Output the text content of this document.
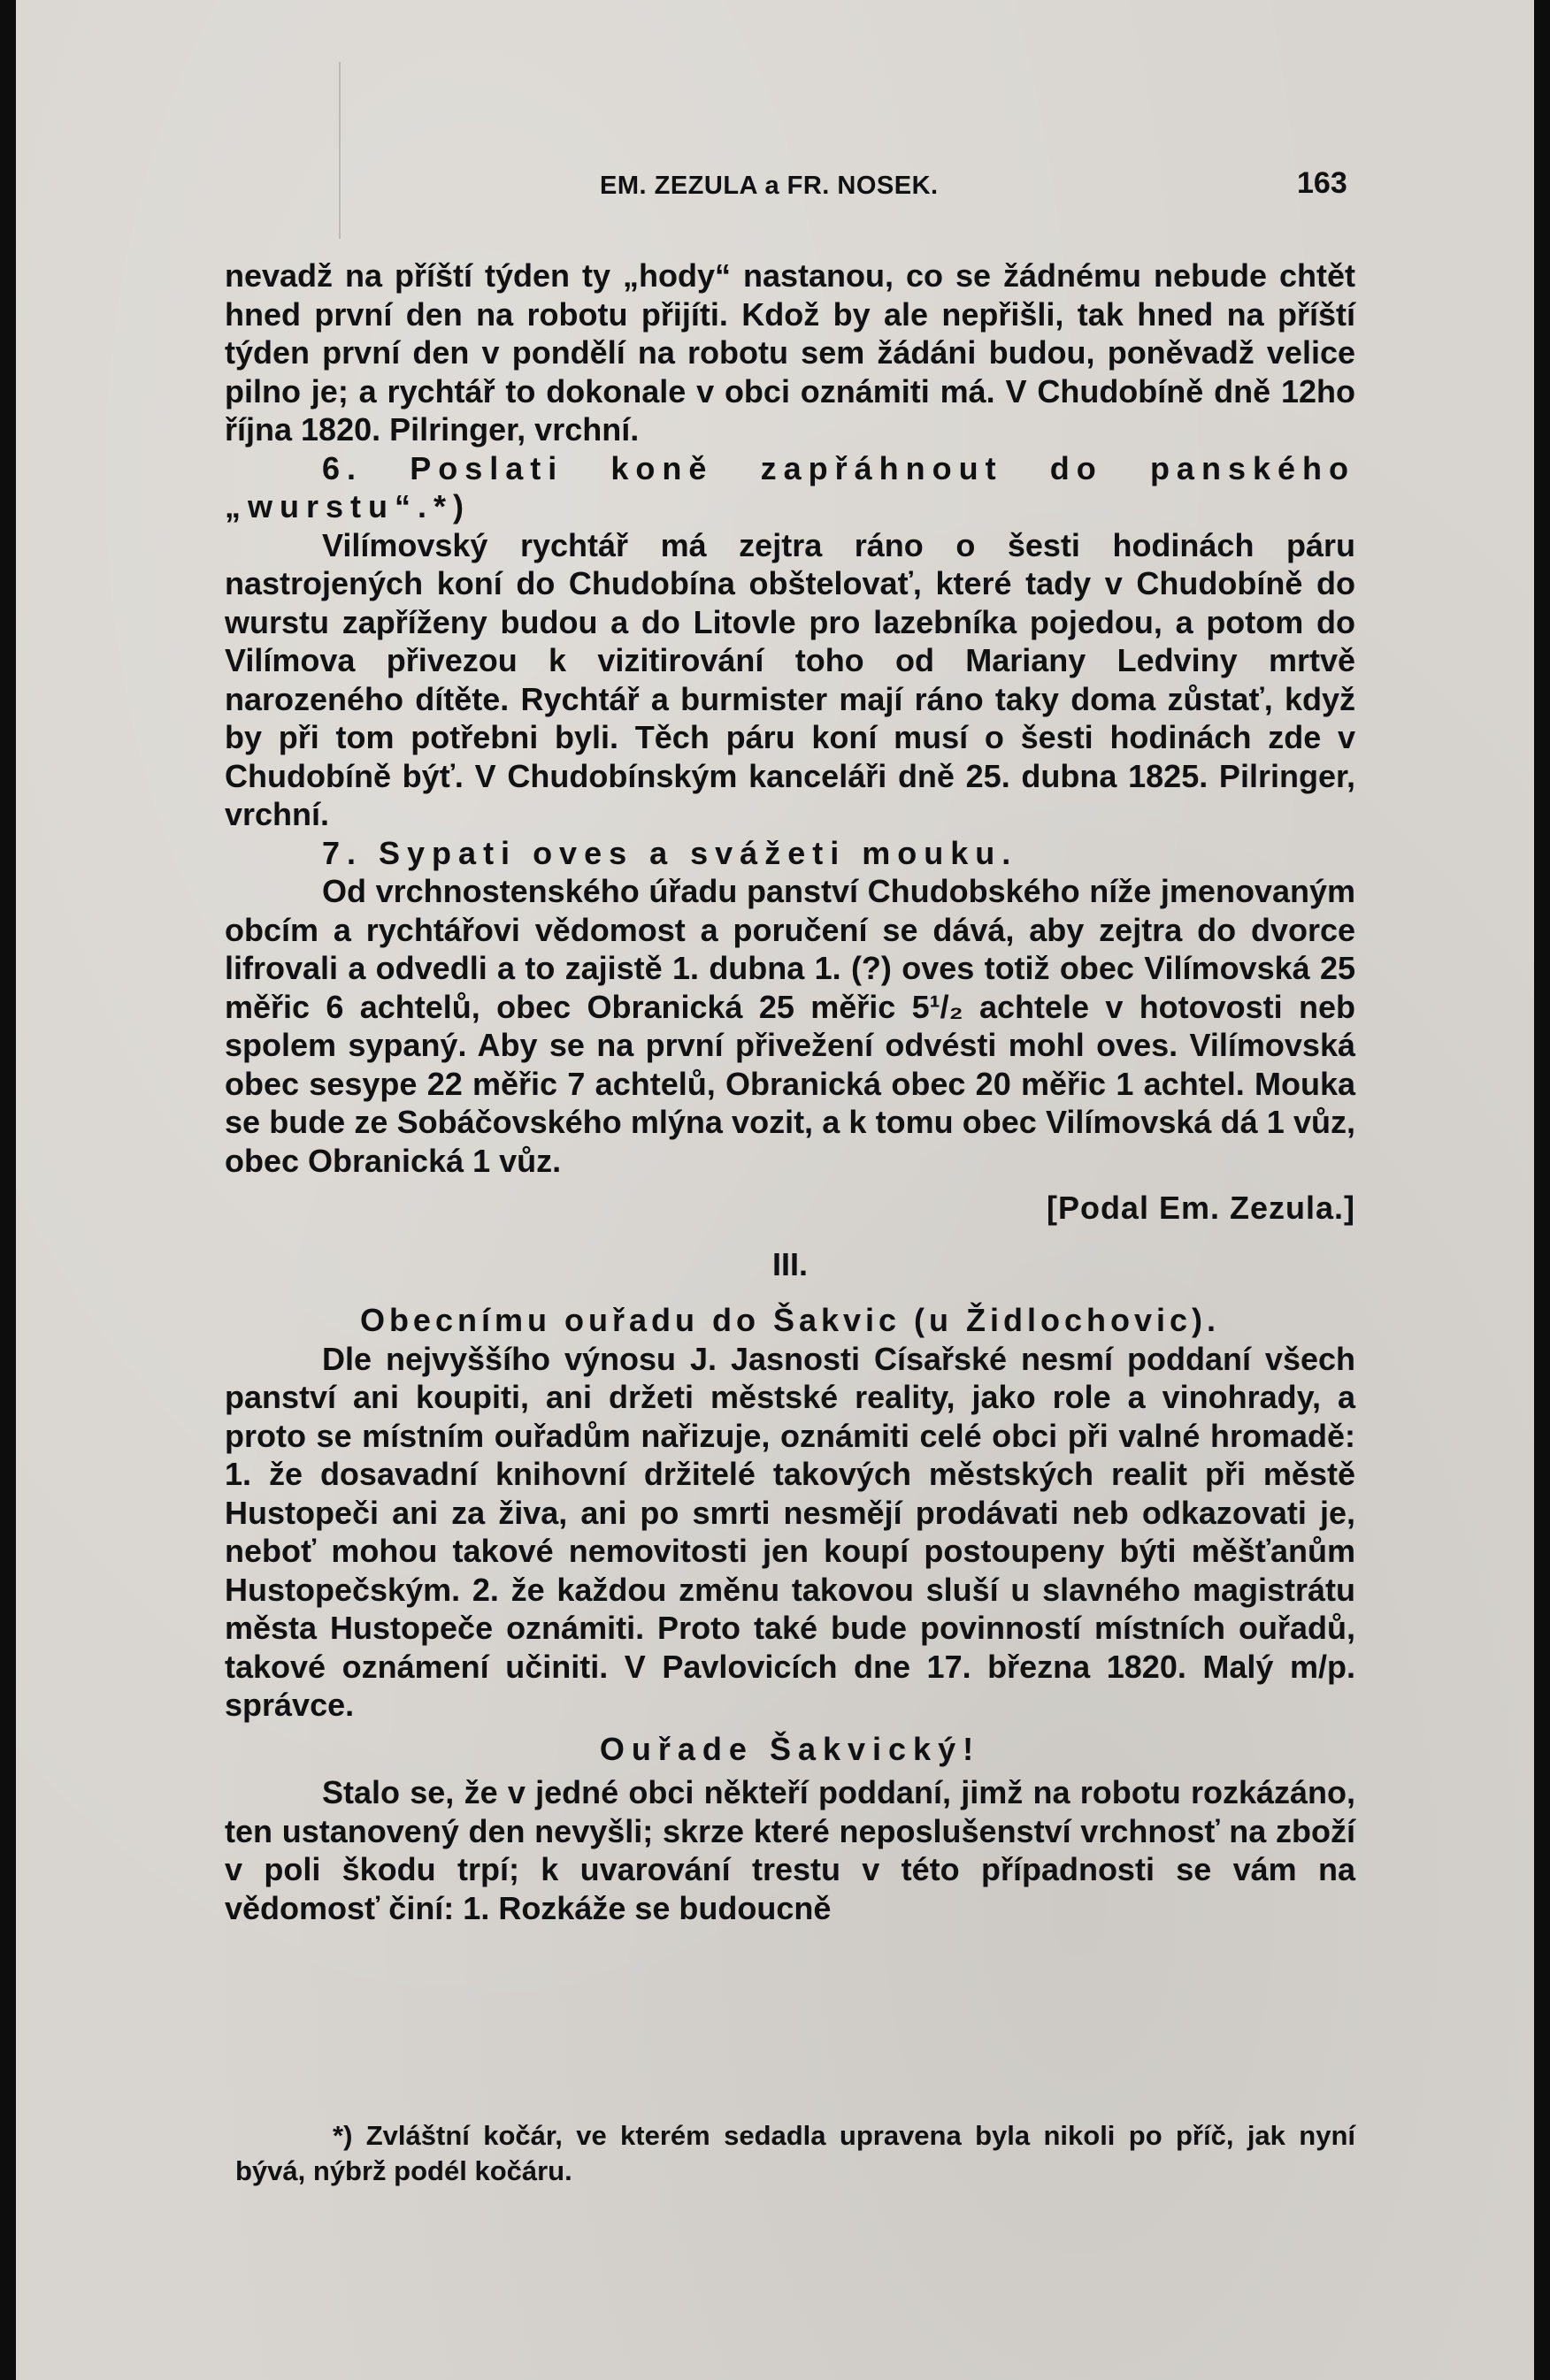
EM. ZEZULA a FR. NOSEK.	163

nevadž na příští týden ty „hody“ nastanou, co se žádnému nebude chtět hned první den na robotu přijíti. Kdož by ale nepřišli, tak hned na příští týden první den v pondělí na robotu sem žádáni budou, poněvadž velice pilno je; a rychtář to dokonale v obci oznámiti má. V Chudobíně dně 12ho října 1820. Pilringer, vrchní.

6. Poslati koně zapřáhnout do panského „wurstu“.*)

Vilímovský rychtář má zejtra ráno o šesti hodinách páru nastrojených koní do Chudobína obštelovať, které tady v Chudobíně do wurstu zapříženy budou a do Litovle pro lazebníka pojedou, a potom do Vilímova přivezou k vizitirování toho od Mariany Ledviny mrtvě narozeného dítěte. Rychtář a burmister mají ráno taky doma zůstať, když by při tom potřebni byli. Těch páru koní musí o šesti hodinách zde v Chudobíně býť. V Chudobínským kanceláři dně 25. dubna 1825. Pilringer, vrchní.

7. Sypati oves a svážeti mouku.

Od vrchnostenského úřadu panství Chudobského níže jmenovaným obcím a rychtářovi vědomost a poručení se dává, aby zejtra do dvorce lifrovali a odvedli a to zajistě 1. dubna 1. (?) oves totiž obec Vilímovská 25 měřic 6 achtelů, obec Obranická 25 měřic 5¹/₂ achtele v hotovosti neb spolem sypaný. Aby se na první přivežení odvésti mohl oves. Vilímovská obec sesype 22 měřic 7 achtelů, Obranická obec 20 měřic 1 achtel. Mouka se bude ze Sobáčovského mlýna vozit, a k tomu obec Vilímovská dá 1 vůz, obec Obranická 1 vůz.

[Podal Em. Zezula.]

III.

Obecnímu ouřadu do Šakvic (u Židlochovic).

Dle nejvyššího výnosu J. Jasnosti Císařské nesmí poddaní všech panství ani koupiti, ani držeti městské reality, jako role a vinohrady, a proto se místním ouřadům nařizuje, oznámiti celé obci při valné hromadě: 1. že dosavadní knihovní držitelé takových městských realit při městě Hustopeči ani za živa, ani po smrti nesmějí prodávati neb odkazovati je, neboť mohou takové nemovitosti jen koupí postoupeny býti měšťanům Hustopečským. 2. že každou změnu takovou sluší u slavného magistrátu města Hustopeče oznámiti. Proto také bude povinností místních ouřadů, takové oznámení učiniti. V Pavlovicích dne 17. března 1820. Malý m/p. správce.

Ouřade Šakvický!

Stalo se, že v jedné obci někteří poddaní, jimž na robotu rozkázáno, ten ustanovený den nevyšli; skrze které neposlušenství vrchnosť na zboží v poli škodu trpí; k uvarování trestu v této případnosti se vám na vědomosť činí: 1. Rozkáže se budoucně

*) Zvláštní kočár, ve kterém sedadla upravena byla nikoli po příč, jak nyní bývá, nýbrž podél kočáru.
